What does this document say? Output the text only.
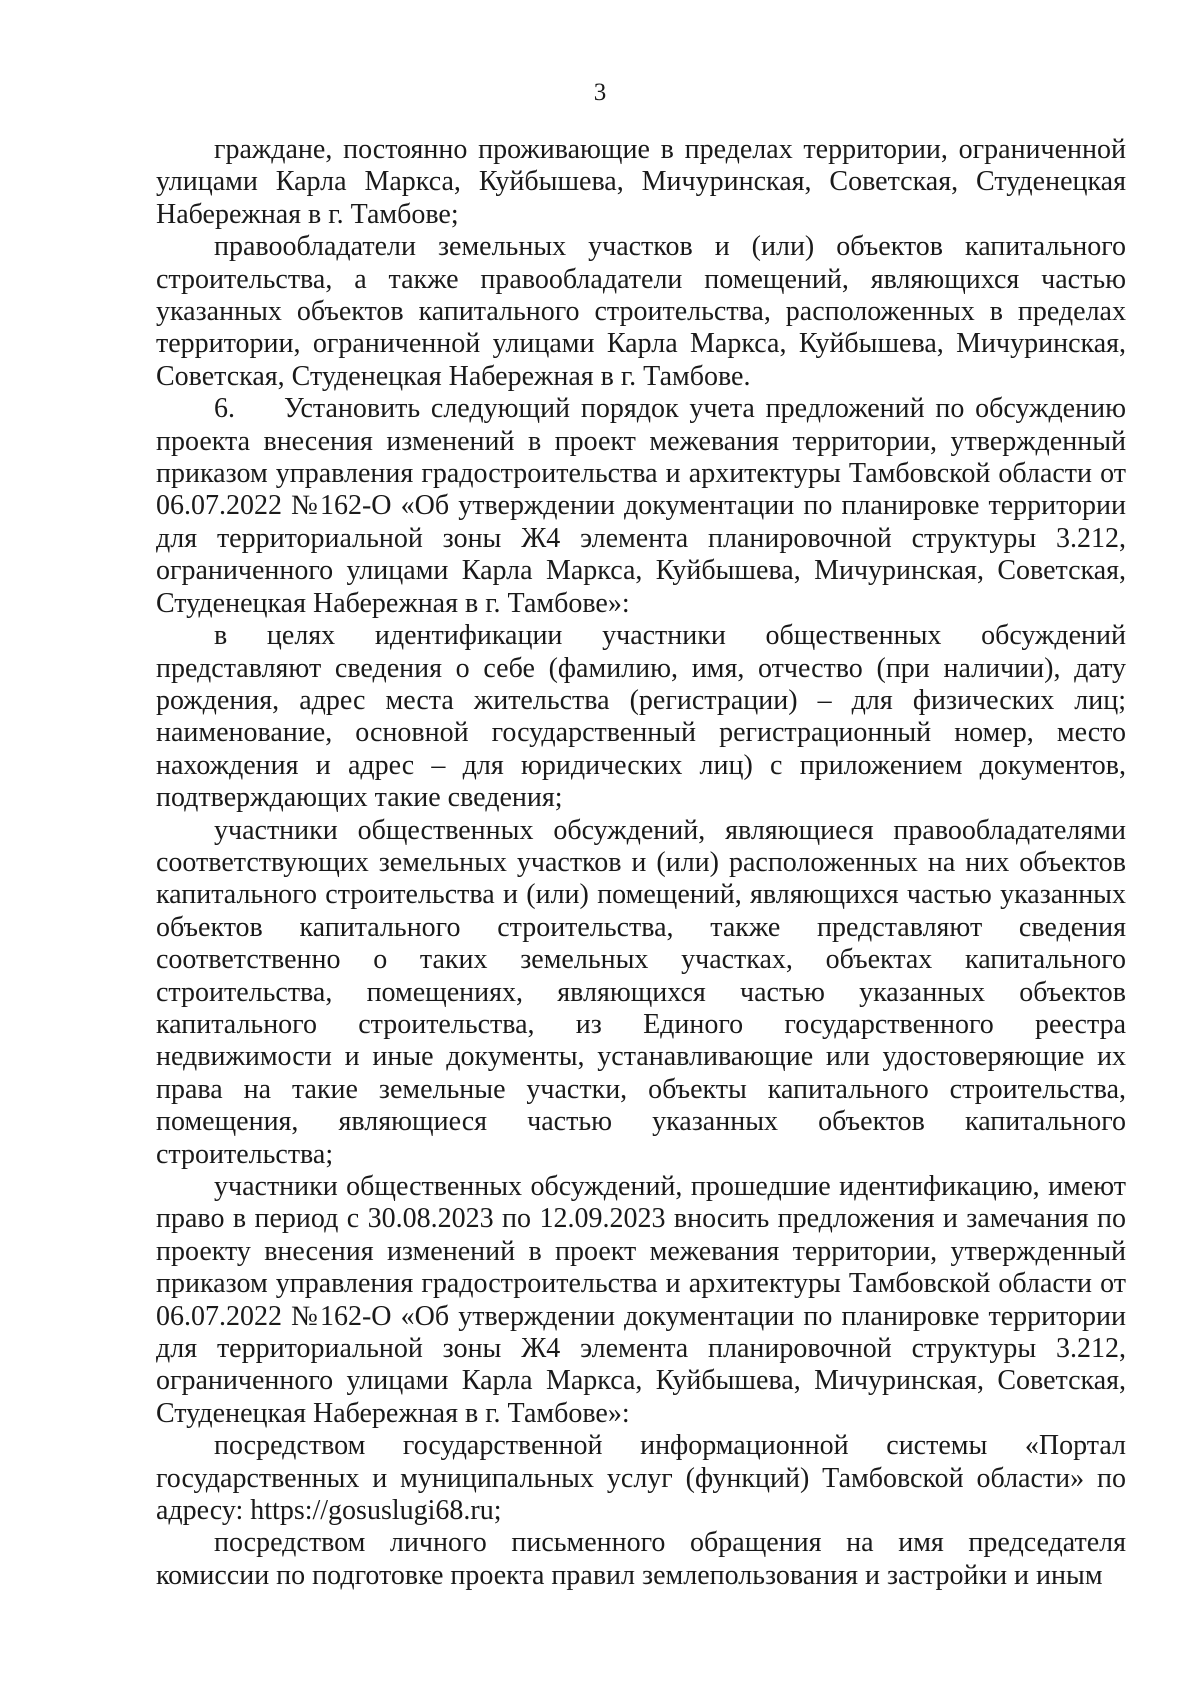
3

граждане, постоянно проживающие в пределах территории, ограниченной улицами Карла Маркса, Куйбышева, Мичуринская, Советская, Студенецкая Набережная в г. Тамбове;

правообладатели земельных участков и (или) объектов капитального строительства, а также правообладатели помещений, являющихся частью указанных объектов капитального строительства, расположенных в пределах территории, ограниченной улицами Карла Маркса, Куйбышева, Мичуринская, Советская, Студенецкая Набережная в г. Тамбове.

6. Установить следующий порядок учета предложений по обсуждению проекта внесения изменений в проект межевания территории, утвержденный приказом управления градостроительства и архитектуры Тамбовской области от 06.07.2022 №162-О «Об утверждении документации по планировке территории для территориальной зоны Ж4 элемента планировочной структуры 3.212, ограниченного улицами Карла Маркса, Куйбышева, Мичуринская, Советская, Студенецкая Набережная в г. Тамбове»:

в целях идентификации участники общественных обсуждений представляют сведения о себе (фамилию, имя, отчество (при наличии), дату рождения, адрес места жительства (регистрации) – для физических лиц; наименование, основной государственный регистрационный номер, место нахождения и адрес – для юридических лиц) с приложением документов, подтверждающих такие сведения;

участники общественных обсуждений, являющиеся правообладателями соответствующих земельных участков и (или) расположенных на них объектов капитального строительства и (или) помещений, являющихся частью указанных объектов капитального строительства, также представляют сведения соответственно о таких земельных участках, объектах капитального строительства, помещениях, являющихся частью указанных объектов капитального строительства, из Единого государственного реестра недвижимости и иные документы, устанавливающие или удостоверяющие их права на такие земельные участки, объекты капитального строительства, помещения, являющиеся частью указанных объектов капитального строительства;

участники общественных обсуждений, прошедшие идентификацию, имеют право в период с 30.08.2023 по 12.09.2023 вносить предложения и замечания по проекту внесения изменений в проект межевания территории, утвержденный приказом управления градостроительства и архитектуры Тамбовской области от 06.07.2022 №162-О «Об утверждении документации по планировке территории для территориальной зоны Ж4 элемента планировочной структуры 3.212, ограниченного улицами Карла Маркса, Куйбышева, Мичуринская, Советская, Студенецкая Набережная в г. Тамбове»:

посредством государственной информационной системы «Портал государственных и муниципальных услуг (функций) Тамбовской области» по адресу: https://gosuslugi68.ru;

посредством личного письменного обращения на имя председателя комиссии по подготовке проекта правил землепользования и застройки и иным
